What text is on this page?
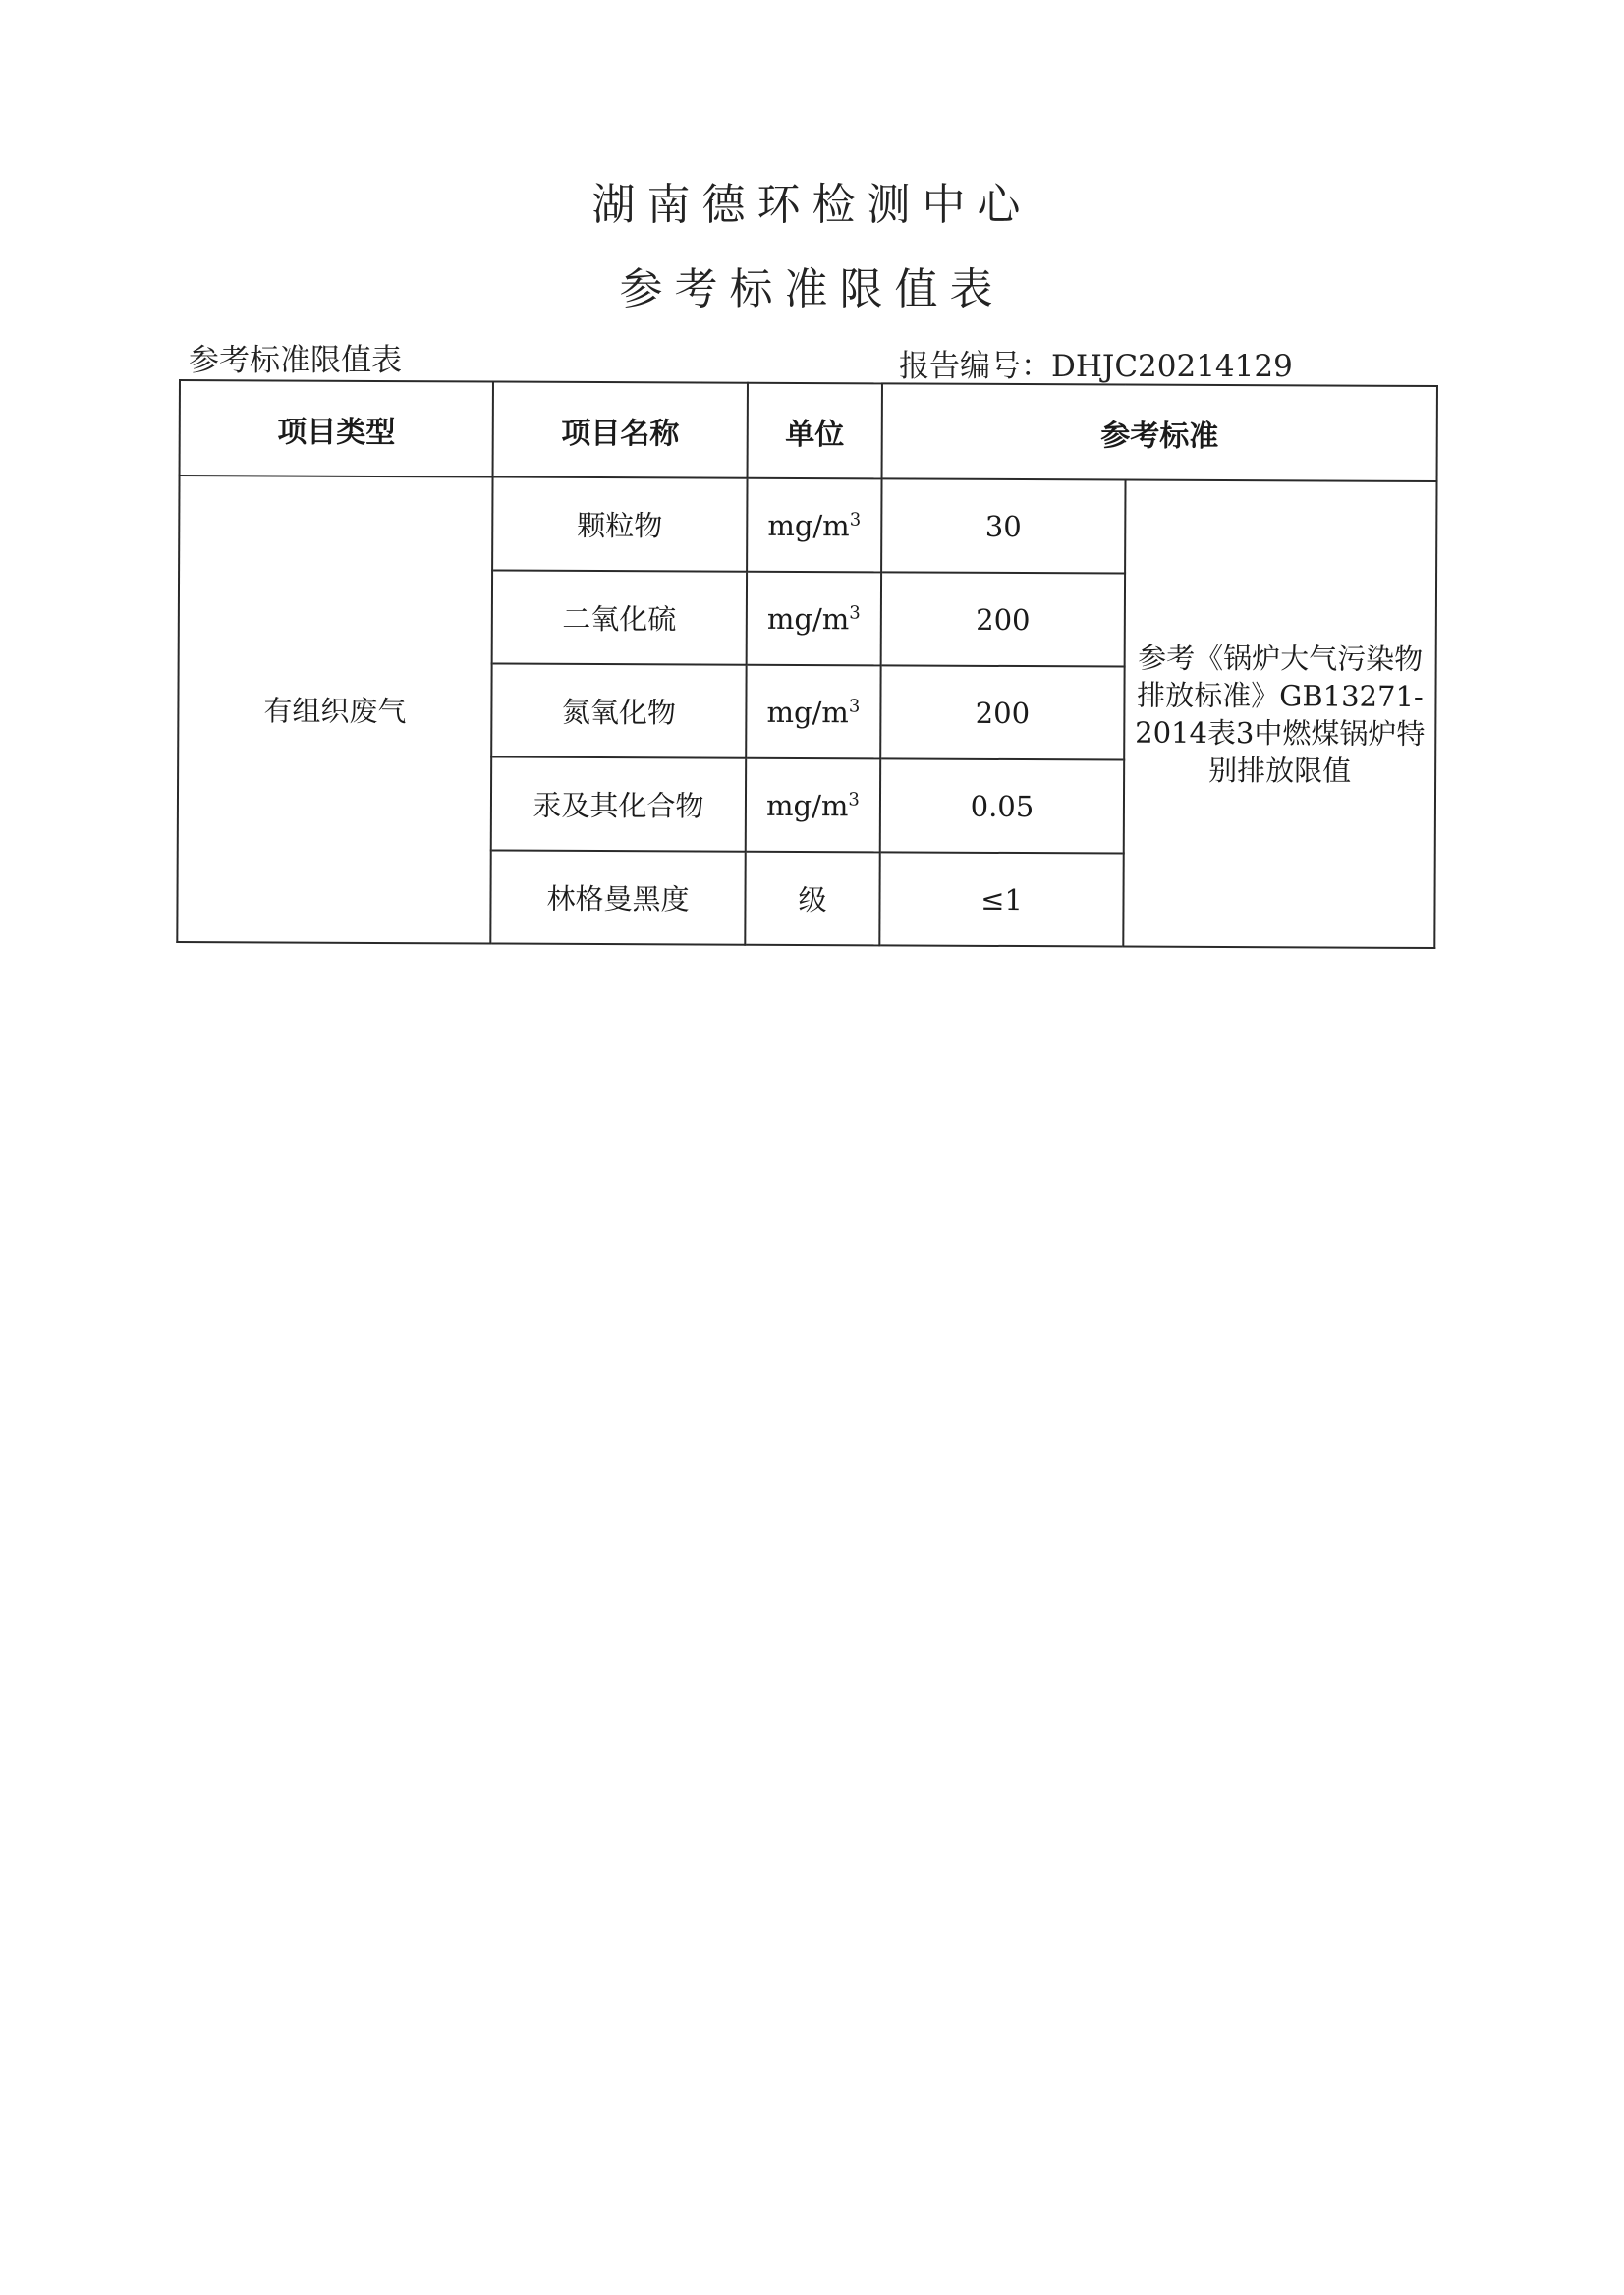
湖南德环检测中心
参考标准限值表
参考标准限值表	报告编号：DHJC20214129
项目类型	项目名称	单位	参考标准	
有组织废气	颗粒物	$mg/m^3$	30	参考《锅炉大气污染物排放标准》GB13271-2014表3中燃煤锅炉特别排放限值
	二氧化硫	$mg/m^3$	200	
	氮氧化物	$mg/m^3$	200	
	汞及其化合物	$mg/m^3$	0.05	
	林格曼黑度	级	≤1	
